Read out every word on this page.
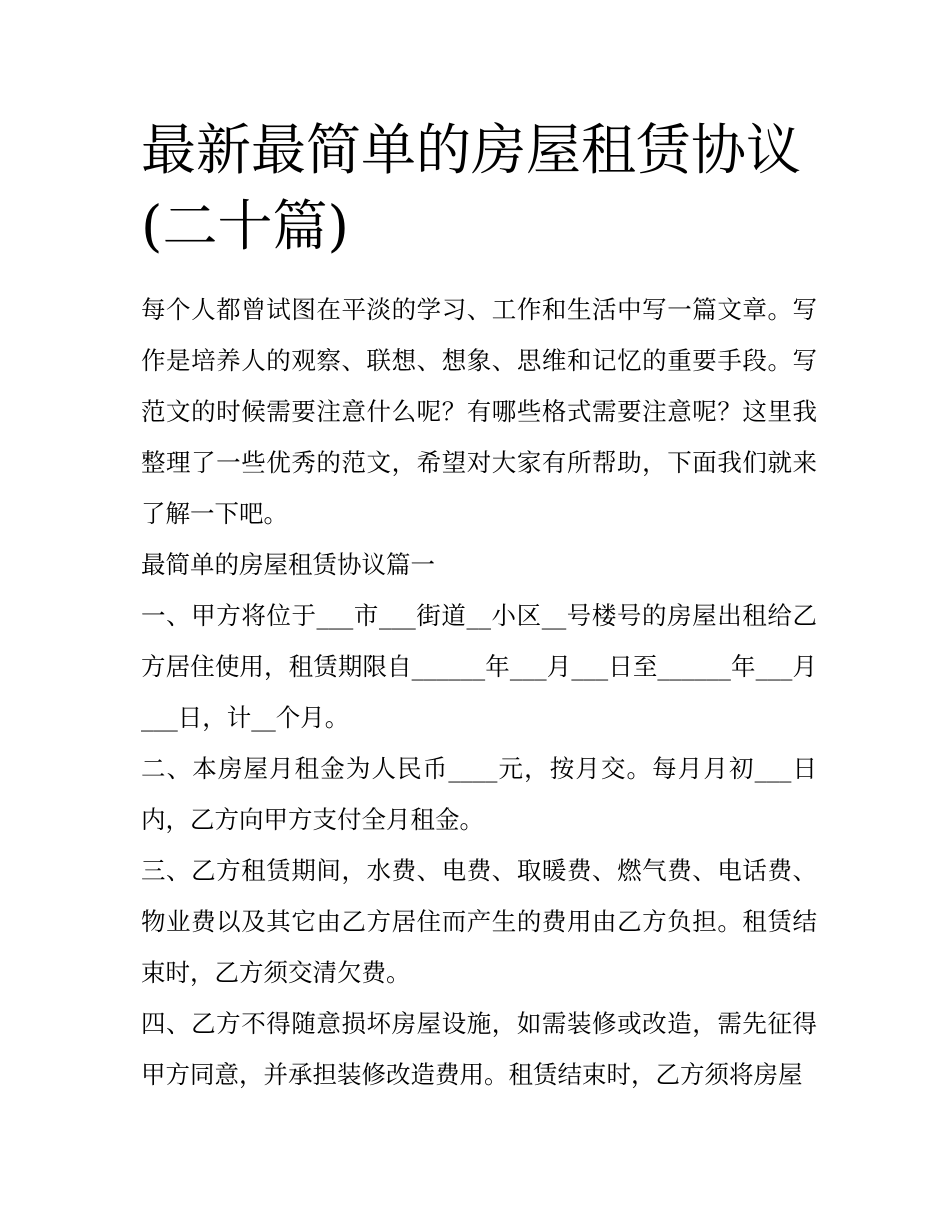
最新最简单的房屋租赁协议(二十篇)

每个人都曾试图在平淡的学习、工作和生活中写一篇文章。写作是培养人的观察、联想、想象、思维和记忆的重要手段。写范文的时候需要注意什么呢？有哪些格式需要注意呢？这里我整理了一些优秀的范文，希望对大家有所帮助，下面我们就来了解一下吧。

最简单的房屋租赁协议篇一

一、甲方将位于___市___街道__小区__号楼号的房屋出租给乙方居住使用，租赁期限自______年___月___日至______年___月___日，计__个月。

二、本房屋月租金为人民币____元，按月交。每月月初___日内，乙方向甲方支付全月租金。

三、乙方租赁期间，水费、电费、取暖费、燃气费、电话费、物业费以及其它由乙方居住而产生的费用由乙方负担。租赁结束时，乙方须交清欠费。

四、乙方不得随意损坏房屋设施，如需装修或改造，需先征得甲方同意，并承担装修改造费用。租赁结束时，乙方须将房屋
